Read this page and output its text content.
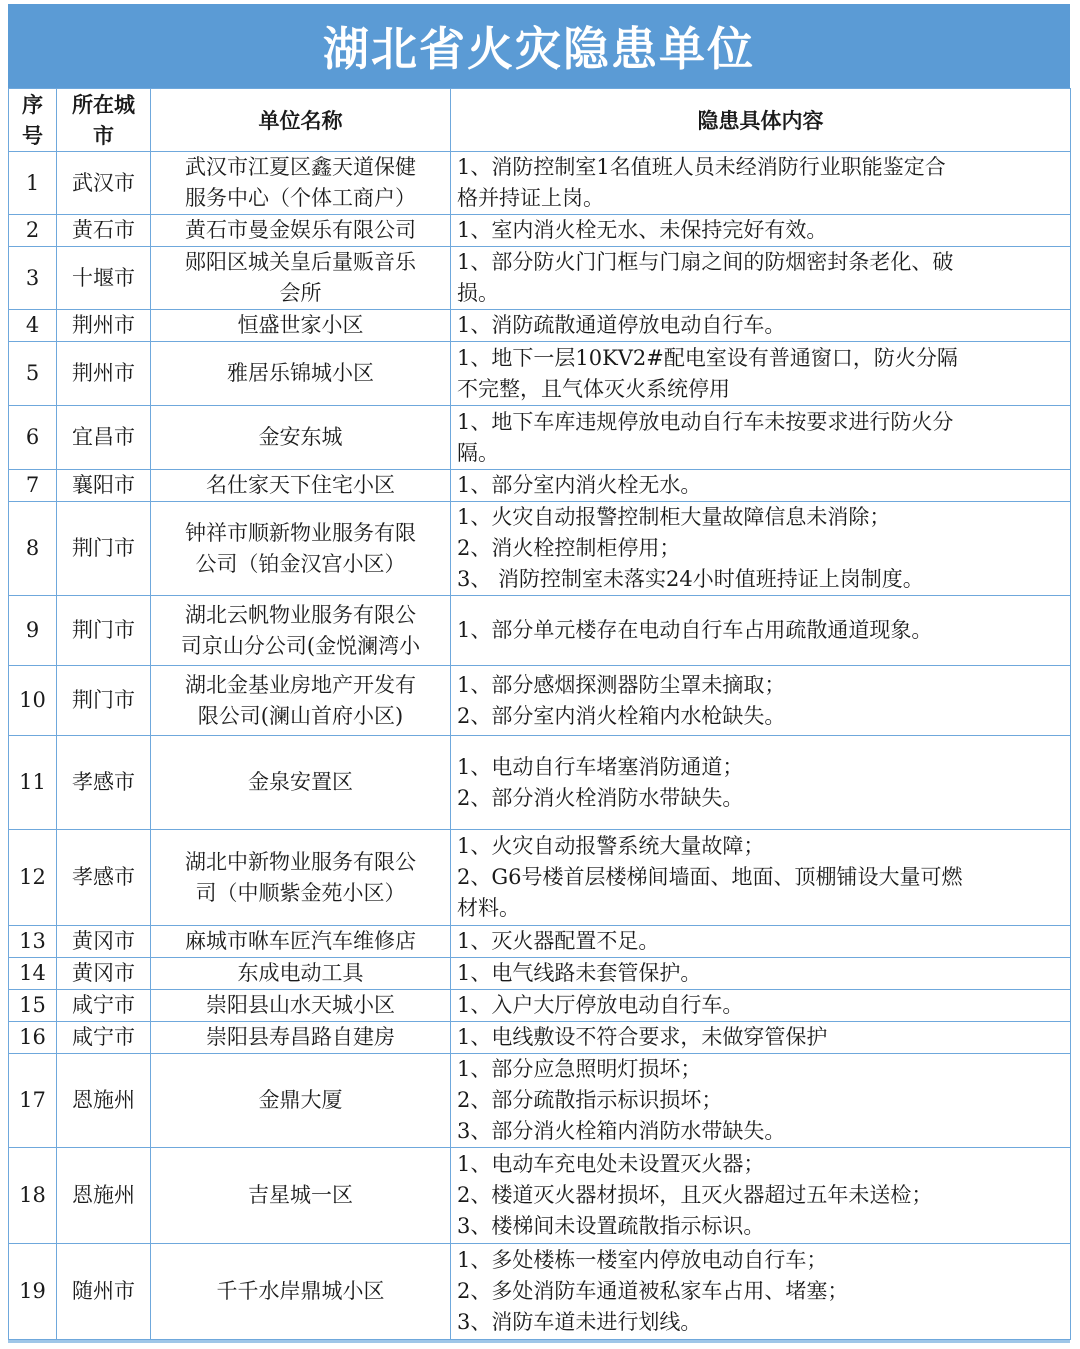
湖北省火灾隐患单位
序
号	所在城
市	单位名称	隐患具体内容
1	武汉市	武汉市江夏区鑫天道保健
服务中心（个体工商户）	1、消防控制室1名值班人员未经消防行业职能鉴定合
格并持证上岗。

2	黄石市	黄石市曼金娱乐有限公司	1、室内消火栓无水、未保持完好有效。

3	十堰市	郧阳区城关皇后量贩音乐
会所	1、部分防火门门框与门扇之间的防烟密封条老化、破
损。

4	荆州市	恒盛世家小区	1、消防疏散通道停放电动自行车。

5	荆州市	雅居乐锦城小区	1、地下一层10KV2#配电室设有普通窗口，防火分隔
不完整，且气体灭火系统停用

6	宜昌市	金安东城	1、地下车库违规停放电动自行车未按要求进行防火分
隔。

7	襄阳市	名仕家天下住宅小区	1、部分室内消火栓无水。

8	荆门市	钟祥市顺新物业服务有限
公司（铂金汉宫小区）	1、火灾自动报警控制柜大量故障信息未消除；
2、消火栓控制柜停用；
3、 消防控制室未落实24小时值班持证上岗制度。

9	荆门市	湖北云帆物业服务有限公
司京山分公司(金悦澜湾小	1、部分单元楼存在电动自行车占用疏散通道现象。

10	荆门市	湖北金基业房地产开发有
限公司(澜山首府小区)	1、部分感烟探测器防尘罩未摘取；
2、部分室内消火栓箱内水枪缺失。

11	孝感市	金泉安置区	1、电动自行车堵塞消防通道；
2、部分消火栓消防水带缺失。

12	孝感市	湖北中新物业服务有限公
司（中顺紫金苑小区）	1、火灾自动报警系统大量故障；
2、G6号楼首层楼梯间墙面、地面、顶棚铺设大量可燃
材料。

13	黄冈市	麻城市咻车匠汽车维修店	1、灭火器配置不足。

14	黄冈市	东成电动工具	1、电气线路未套管保护。

15	咸宁市	崇阳县山水天城小区	1、入户大厅停放电动自行车。

16	咸宁市	崇阳县寿昌路自建房	1、电线敷设不符合要求，未做穿管保护

17	恩施州	金鼎大厦	1、部分应急照明灯损坏；
2、部分疏散指示标识损坏；
3、部分消火栓箱内消防水带缺失。

18	恩施州	吉星城一区	1、电动车充电处未设置灭火器；
2、楼道灭火器材损坏，且灭火器超过五年未送检；
3、楼梯间未设置疏散指示标识。

19	随州市	千千水岸鼎城小区	1、多处楼栋一楼室内停放电动自行车；
2、多处消防车通道被私家车占用、堵塞；
3、消防车道未进行划线。
